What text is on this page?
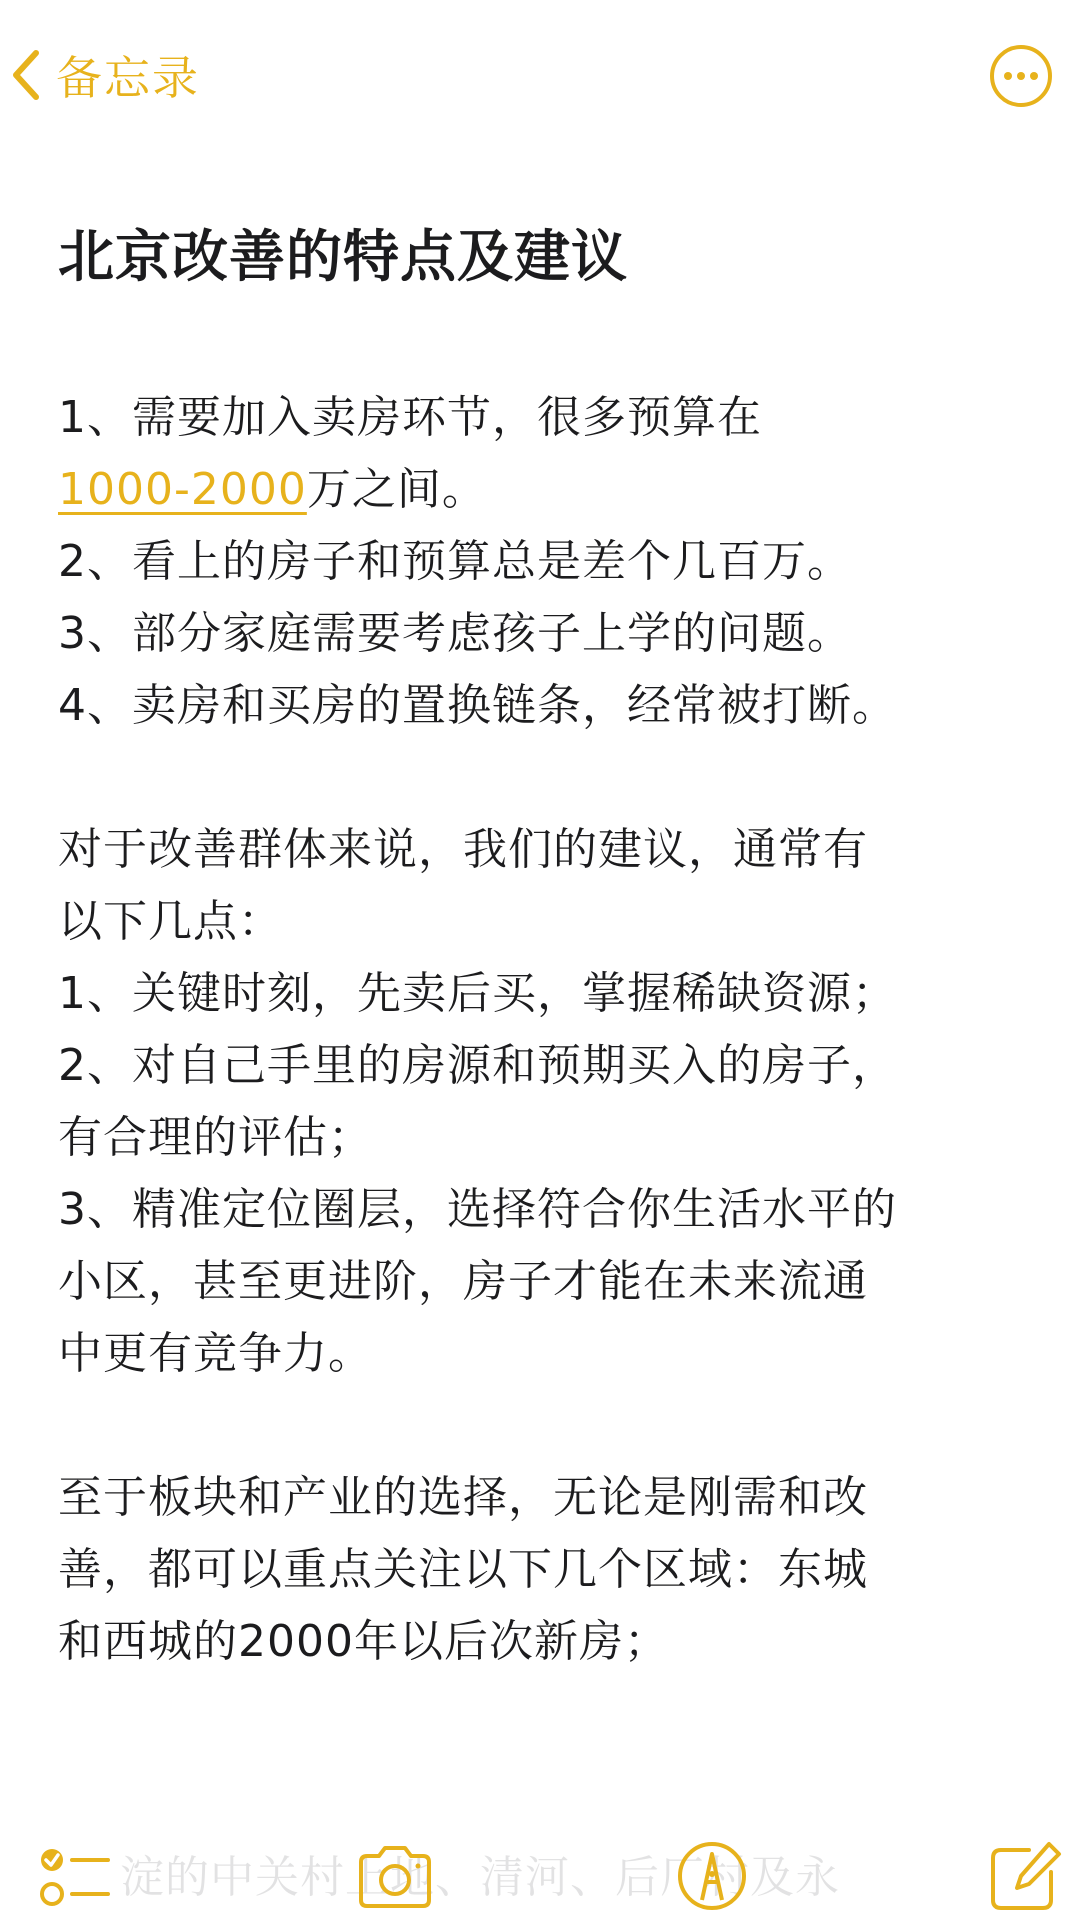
备忘录
北京改善的特点及建议
1、需要加入卖房环节，很多预算在
1000-2000万之间。
2、看上的房子和预算总是差个几百万。
3、部分家庭需要考虑孩子上学的问题。
4、卖房和买房的置换链条，经常被打断。
对于改善群体来说，我们的建议，通常有
以下几点：
1、关键时刻，先卖后买，掌握稀缺资源；
2、对自己手里的房源和预期买入的房子，
有合理的评估；
3、精准定位圈层，选择符合你生活水平的
小区，甚至更进阶，房子才能在未来流通
中更有竞争力。
至于板块和产业的选择，无论是刚需和改
善，都可以重点关注以下几个区域：东城
和西城的2000年以后次新房；
